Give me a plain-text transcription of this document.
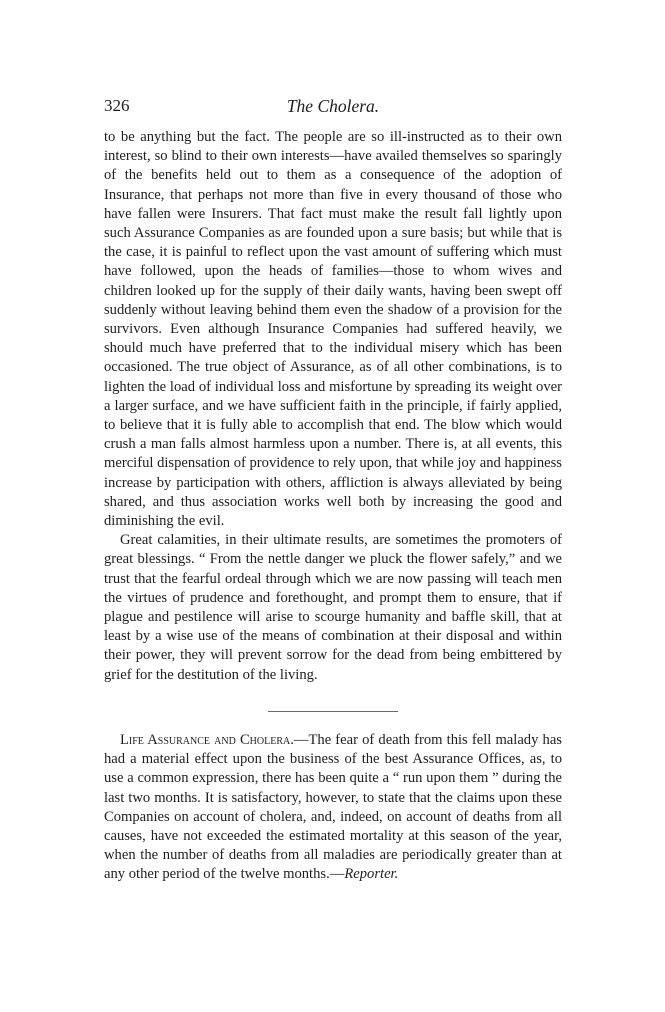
326	The Cholera.

to be anything but the fact. The people are so ill-instructed as to their own interest, so blind to their own interests—have availed themselves so sparingly of the benefits held out to them as a consequence of the adoption of Insurance, that perhaps not more than five in every thousand of those who have fallen were Insurers. That fact must make the result fall lightly upon such Assurance Companies as are founded upon a sure basis; but while that is the case, it is painful to reflect upon the vast amount of suffering which must have followed, upon the heads of families—those to whom wives and children looked up for the supply of their daily wants, having been swept off suddenly without leaving behind them even the shadow of a provision for the survivors. Even although Insurance Companies had suffered heavily, we should much have preferred that to the individual misery which has been occasioned. The true object of Assurance, as of all other combinations, is to lighten the load of individual loss and misfortune by spreading its weight over a larger surface, and we have sufficient faith in the principle, if fairly applied, to believe that it is fully able to accomplish that end. The blow which would crush a man falls almost harmless upon a number. There is, at all events, this merciful dispensation of providence to rely upon, that while joy and happiness increase by participation with others, affliction is always alleviated by being shared, and thus association works well both by increasing the good and diminishing the evil.

Great calamities, in their ultimate results, are sometimes the promoters of great blessings. “ From the nettle danger we pluck the flower safely,” and we trust that the fearful ordeal through which we are now passing will teach men the virtues of prudence and forethought, and prompt them to ensure, that if plague and pestilence will arise to scourge humanity and baffle skill, that at least by a wise use of the means of combination at their disposal and within their power, they will prevent sorrow for the dead from being embittered by grief for the destitution of the living.

Life Assurance and Cholera.—The fear of death from this fell malady has had a material effect upon the business of the best Assurance Offices, as, to use a common expression, there has been quite a “ run upon them ” during the last two months. It is satisfactory, however, to state that the claims upon these Companies on account of cholera, and, indeed, on account of deaths from all causes, have not exceeded the estimated mortality at this season of the year, when the number of deaths from all maladies are periodically greater than at any other period of the twelve months.—Reporter.
